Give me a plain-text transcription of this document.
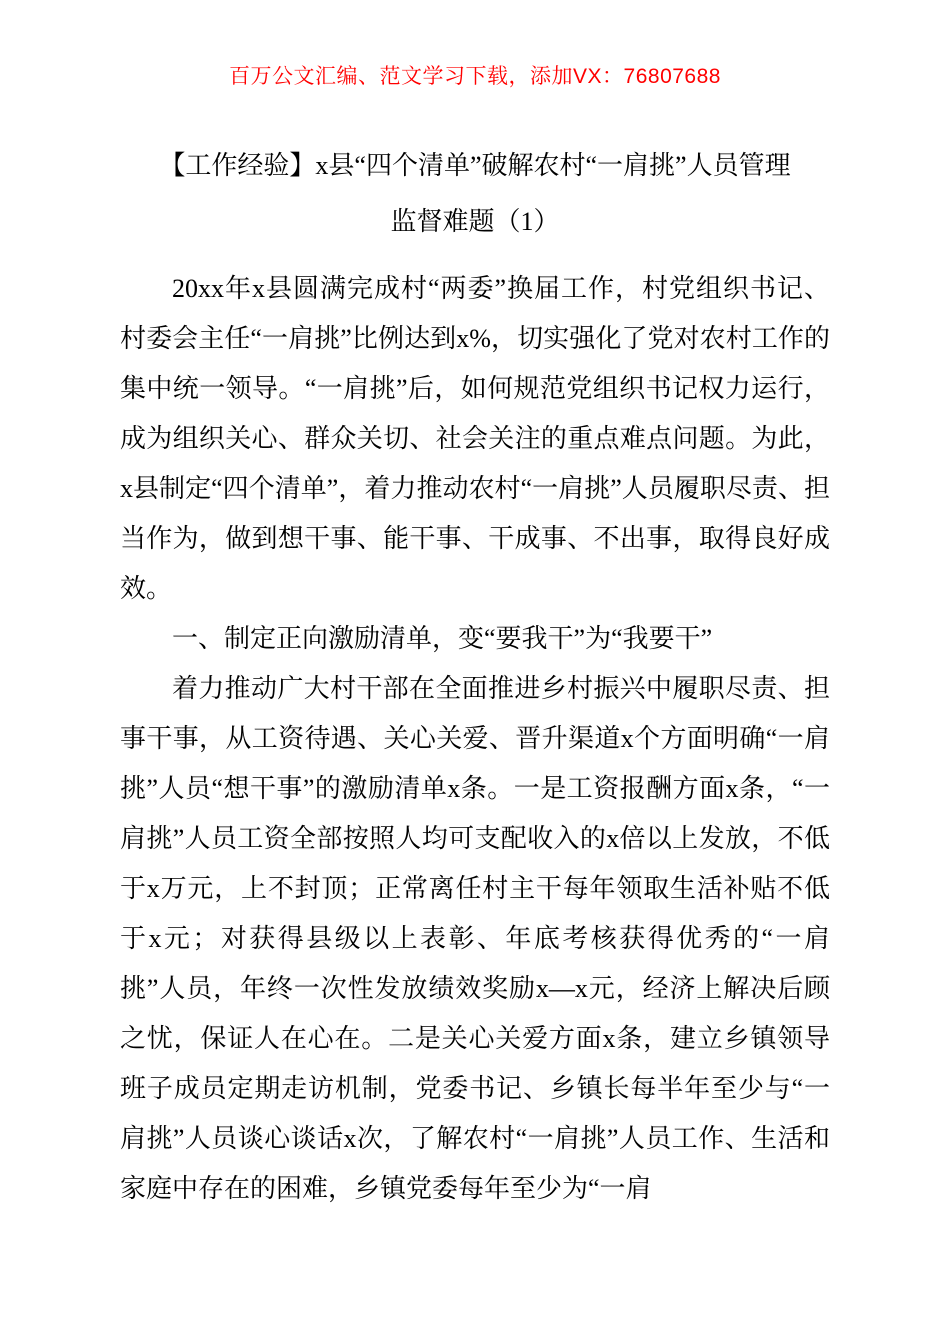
百万公文汇编、范文学习下载，添加VX：76807688
【工作经验】x县“四个清单”破解农村“一肩挑”人员管理
监督难题（1）

20xx年x县圆满完成村“两委”换届工作，村党组织书记、村委会主任“一肩挑”比例达到x%，切实强化了党对农村工作的集中统一领导。“一肩挑”后，如何规范党组织书记权力运行，成为组织关心、群众关切、社会关注的重点难点问题。为此，x县制定“四个清单”，着力推动农村“一肩挑”人员履职尽责、担当作为，做到想干事、能干事、干成事、不出事，取得良好成效。

一、制定正向激励清单，变“要我干”为“我要干”

着力推动广大村干部在全面推进乡村振兴中履职尽责、担事干事，从工资待遇、关心关爱、晋升渠道x个方面明确“一肩挑”人员“想干事”的激励清单x条。一是工资报酬方面x条，“一肩挑”人员工资全部按照人均可支配收入的x倍以上发放，不低于x万元，上不封顶；正常离任村主干每年领取生活补贴不低于x元；对获得县级以上表彰、年底考核获得优秀的“一肩挑”人员，年终一次性发放绩效奖励x—x元，经济上解决后顾之忧，保证人在心在。二是关心关爱方面x条，建立乡镇领导班子成员定期走访机制，党委书记、乡镇长每半年至少与“一肩挑”人员谈心谈话x次，了解农村“一肩挑”人员工作、生活和家庭中存在的困难，乡镇党委每年至少为“一肩
